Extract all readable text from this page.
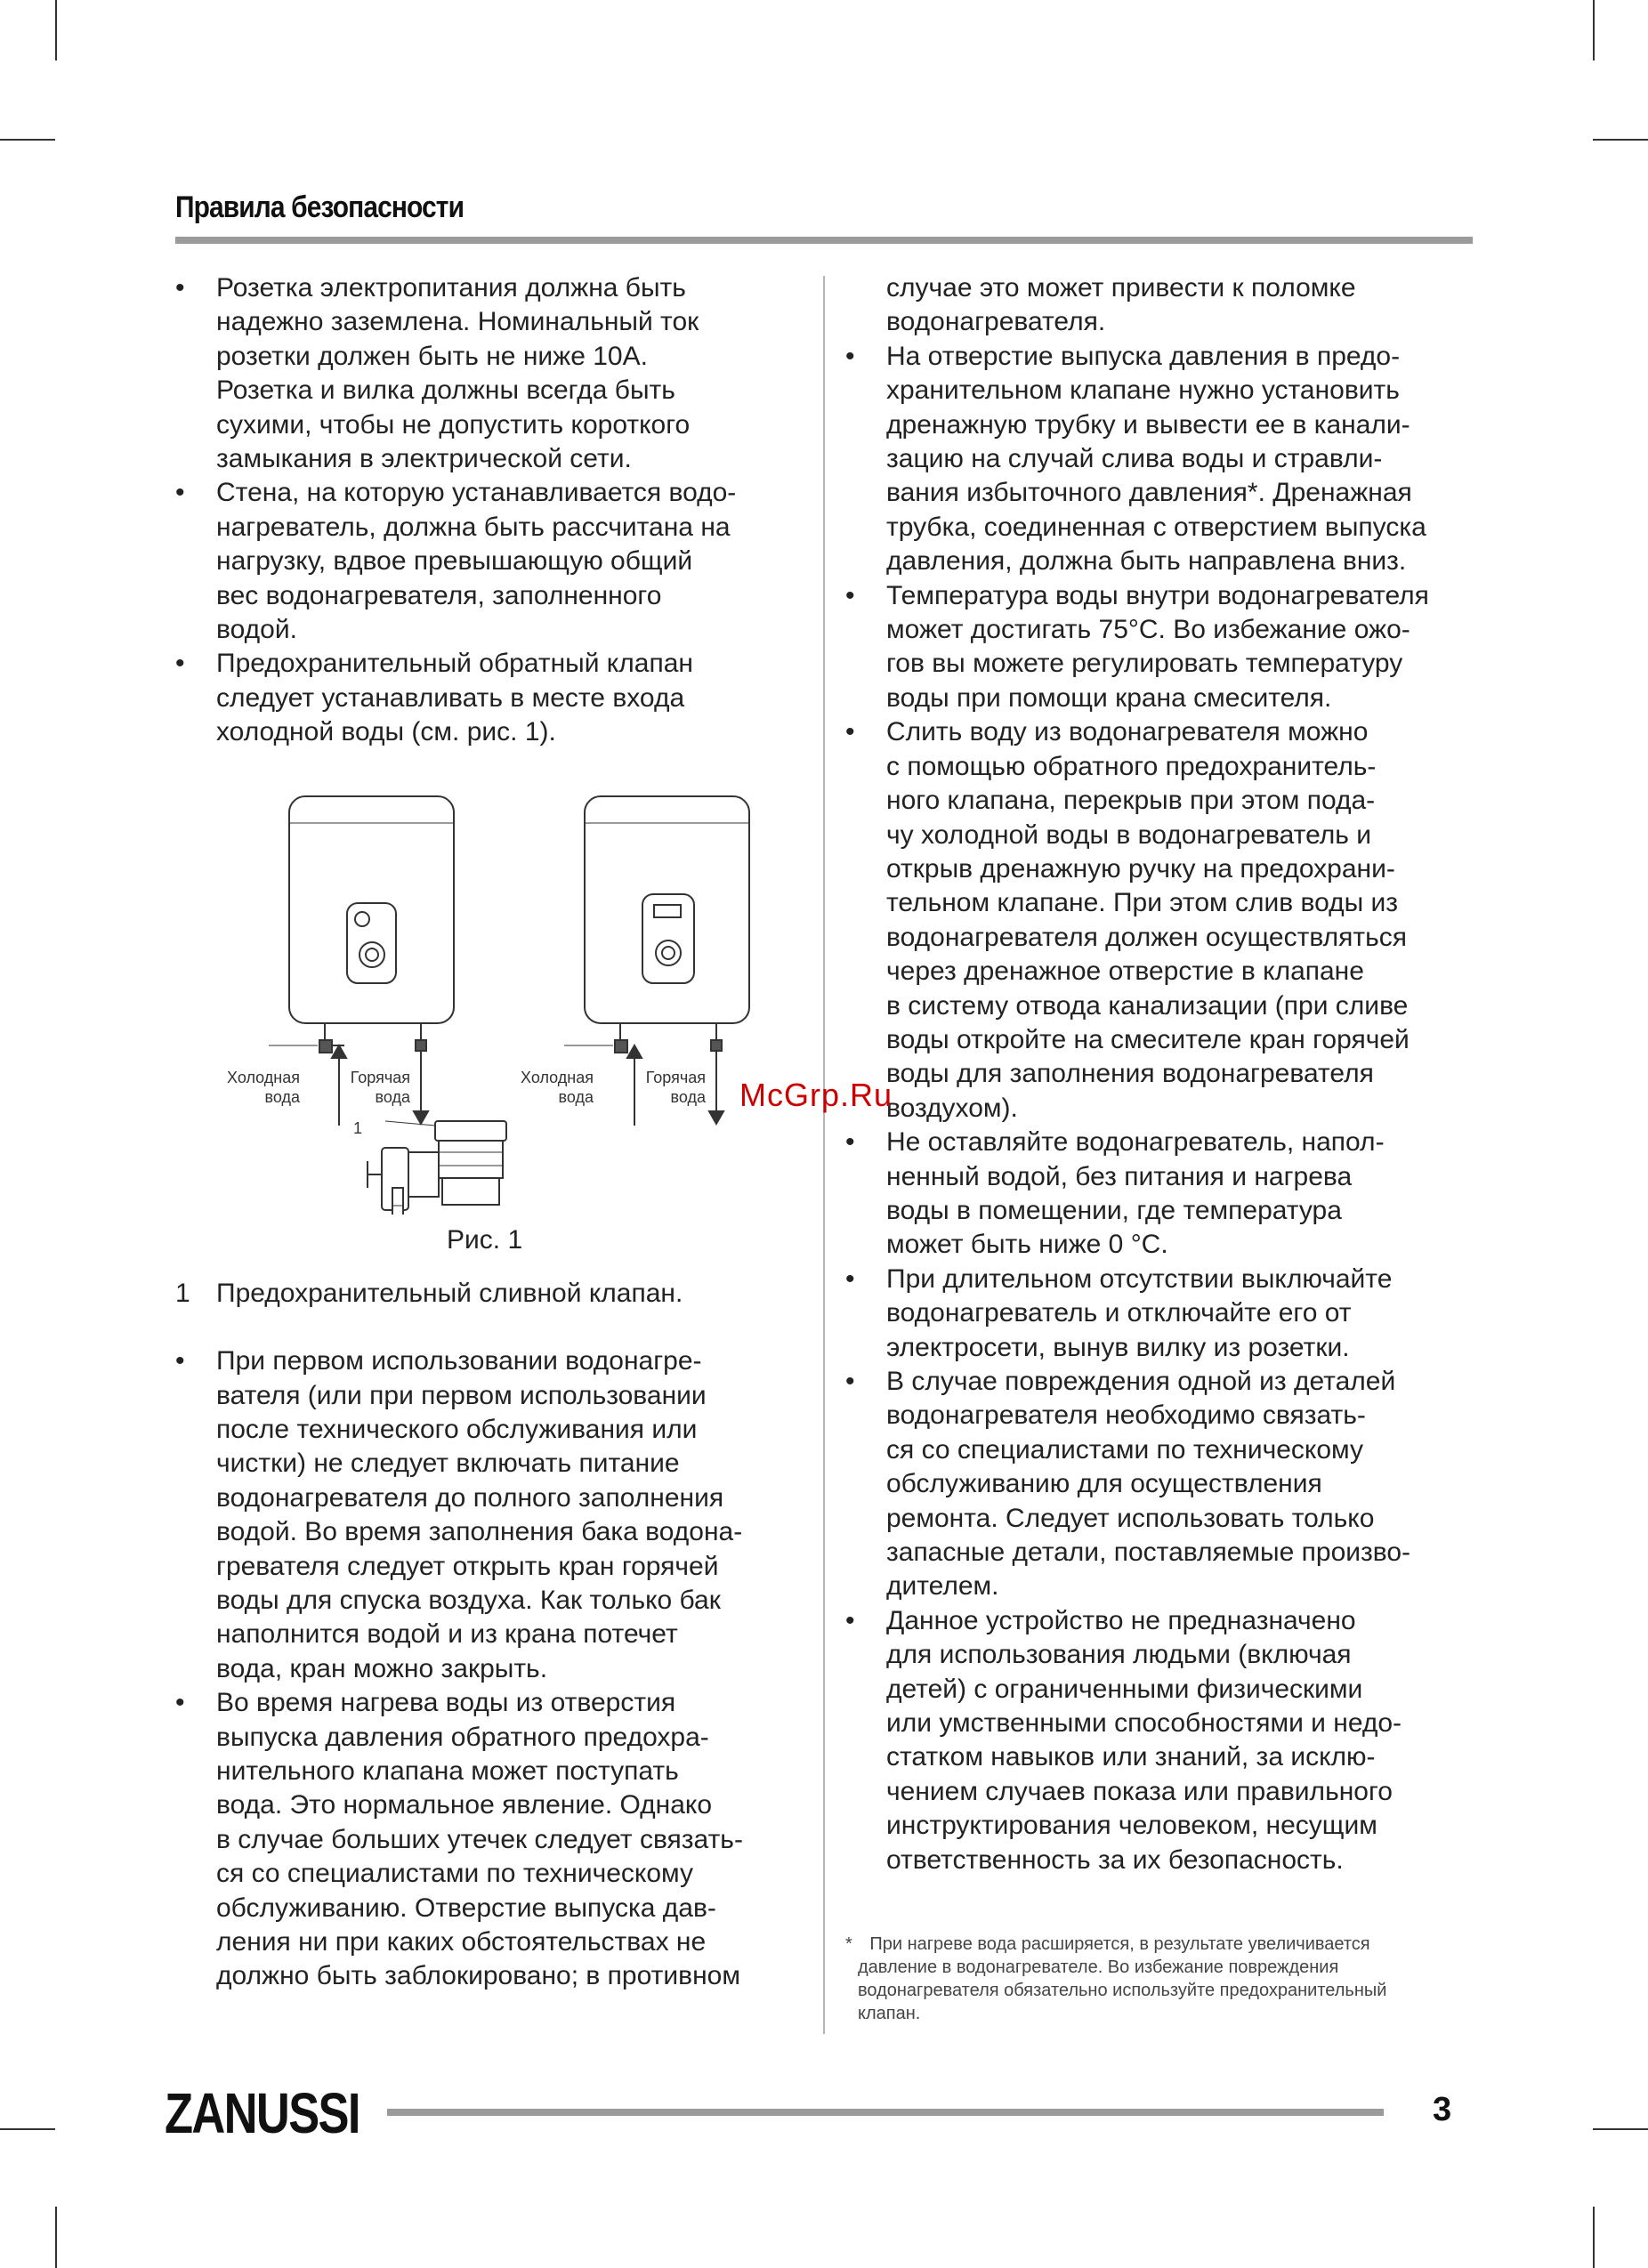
Правила безопасности
• Розетка электропитания должна быть
надежно заземлена. Номинальный ток
розетки должен быть не ниже 10А.
Розетка и вилка должны всегда быть
сухими, чтобы не допустить короткого
замыкания в электрической сети.
• Стена, на которую устанавливается водо-
нагреватель, должна быть рассчитана на
нагрузку, вдвое превышающую общий
вес водонагревателя, заполненного
водой.
• Предохранительный обратный клапан
следует устанавливать в месте входа
холодной воды (см. рис. 1).
Холодная
вода
Горячая
вода
Холодная
вода
Горячая
вода
1
Рис. 1
1 Предохранительный сливной клапан.
• При первом использовании водонагре-
вателя (или при первом использовании
после технического обслуживания или
чистки) не следует включать питание
водонагревателя до полного заполнения
водой. Во время заполнения бака водона-
гревателя следует открыть кран горячей
воды для спуска воздуха. Как только бак
наполнится водой и из крана потечет
вода, кран можно закрыть.
• Во время нагрева воды из отверстия
выпуска давления обратного предохра-
нительного клапана может поступать
вода. Это нормальное явление. Однако
в случае больших утечек следует связать-
ся со специалистами по техническому
обслуживанию. Отверстие выпуска дав-
ления ни при каких обстоятельствах не
должно быть заблокировано; в противном
случае это может привести к поломке
водонагревателя.
• На отверстие выпуска давления в предо-
хранительном клапане нужно установить
дренажную трубку и вывести ее в канали-
зацию на случай слива воды и стравли-
вания избыточного давления*. Дренажная
трубка, соединенная с отверстием выпуска
давления, должна быть направлена вниз.
• Температура воды внутри водонагревателя
может достигать 75°С. Во избежание ожо-
гов вы можете регулировать температуру
воды при помощи крана смесителя.
• Слить воду из водонагревателя можно
с помощью обратного предохранитель-
ного клапана, перекрыв при этом пода-
чу холодной воды в водонагреватель и
открыв дренажную ручку на предохрани-
тельном клапане. При этом слив воды из
водонагревателя должен осуществляться
через дренажное отверстие в клапане
в систему отвода канализации (при сливе
воды откройте на смесителе кран горячей
воды для заполнения водонагревателя
воздухом).
• Не оставляйте водонагреватель, напол-
ненный водой, без питания и нагрева
воды в помещении, где температура
может быть ниже 0 °С.
• При длительном отсутствии выключайте
водонагреватель и отключайте его от
электросети, вынув вилку из розетки.
• В случае повреждения одной из деталей
водонагревателя необходимо связать-
ся со специалистами по техническому
обслуживанию для осуществления
ремонта. Следует использовать только
запасные детали, поставляемые произво-
дителем.
• Данное устройство не предназначено
для использования людьми (включая
детей) с ограниченными физическими
или умственными способностями и недо-
статком навыков или знаний, за исклю-
чением случаев показа или правильного
инструктирования человеком, несущим
ответственность за их безопасность.
* При нагреве вода расширяется, в результате увеличивается

давление в водонагревателе. Во избежание повреждения
водонагревателя обязательно используйте предохранительный
клапан.
McGrp.Ru
ZANUSSI	3
